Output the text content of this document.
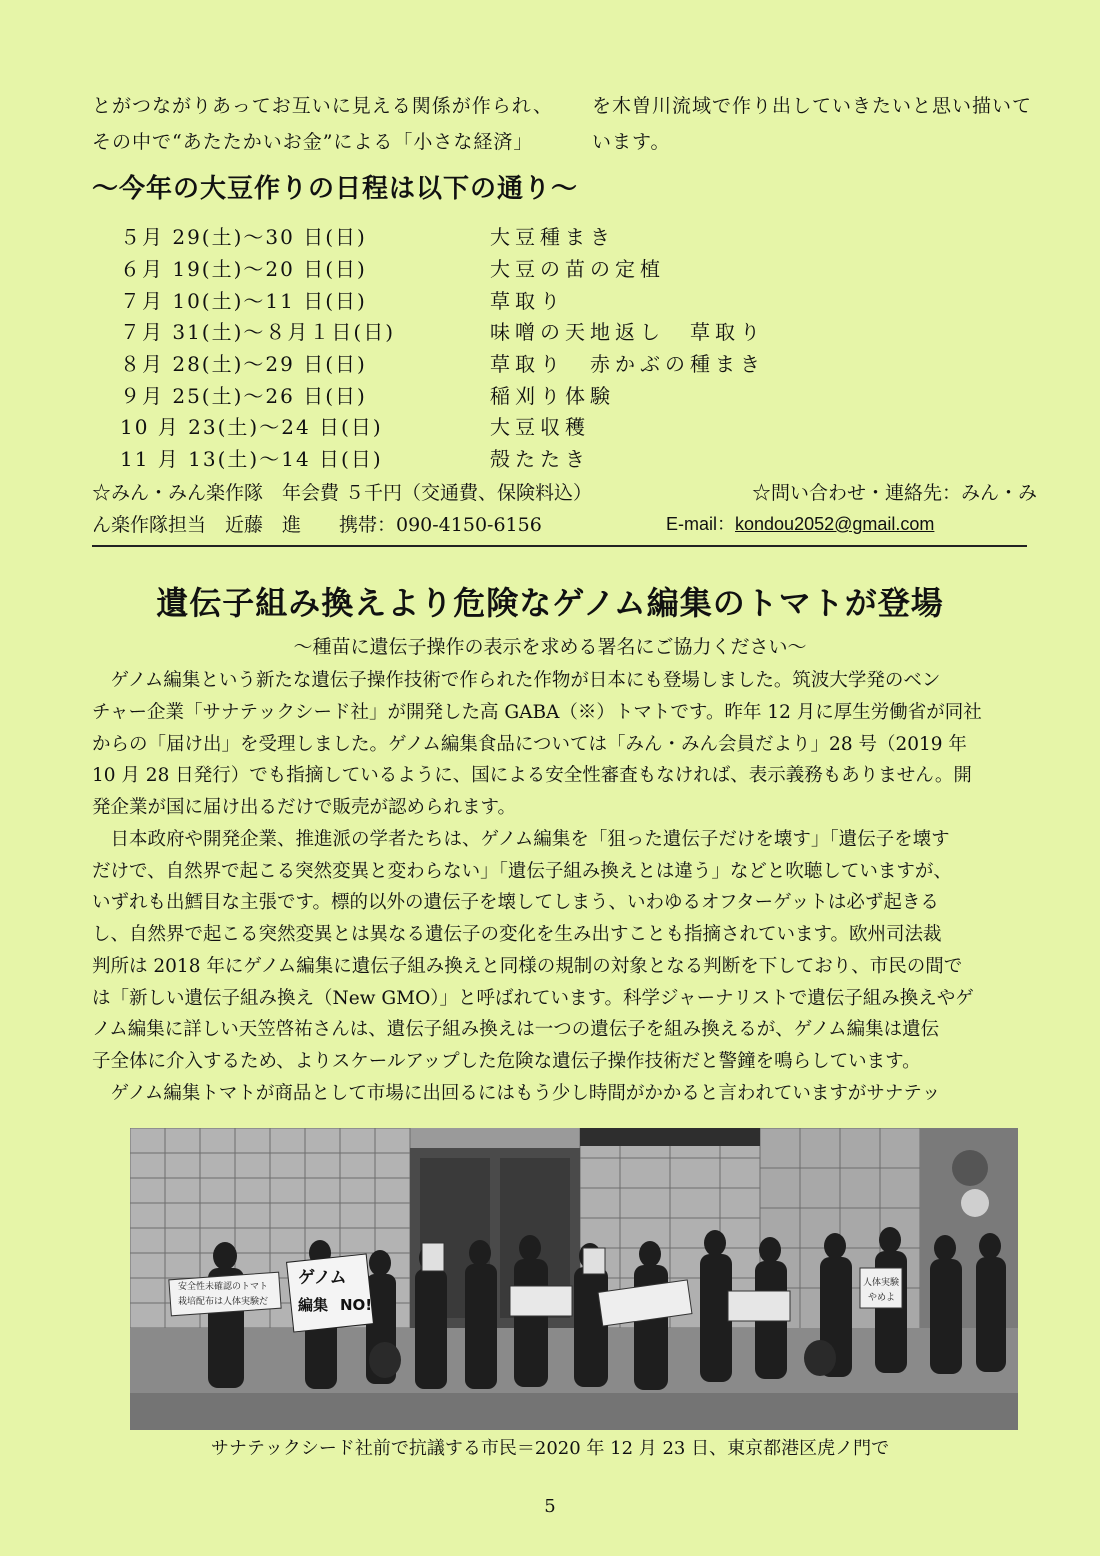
とがつながりあってお互いに見える関係が作られ、
その中で“あたたかいお金”による「小さな経済」
を木曽川流域で作り出していきたいと思い描いて
います。
～今年の大豆作りの日程は以下の通り～
５月 29(土)～30 日(日)	大豆種まき
６月 19(土)～20 日(日)	大豆の苗の定植
７月 10(土)～11 日(日)	草取り
７月 31(土)～８月１日(日)	味噌の天地返し　草取り
８月 28(土)～29 日(日)	草取り　赤かぶの種まき
９月 25(土)～26 日(日)	稲刈り体験
10 月 23(土)～24 日(日)	大豆収穫
11 月 13(土)～14 日(日)	殻たたき
☆みん・みん楽作隊　年会費 ５千円（交通費、保険料込）	☆問い合わせ・連絡先：みん・み
ん楽作隊担当　近藤　進　　携帯：090-4150-6156	E-mail：kondou2052@gmail.com
遺伝子組み換えより危険なゲノム編集のトマトが登場
～種苗に遺伝子操作の表示を求める署名にご協力ください～
　ゲノム編集という新たな遺伝子操作技術で作られた作物が日本にも登場しました。筑波大学発のベン
チャー企業「サナテックシード社」が開発した高 GABA（※）トマトです。昨年 12 月に厚生労働省が同社
からの「届け出」を受理しました。ゲノム編集食品については「みん・みん会員だより」28 号（2019 年
10 月 28 日発行）でも指摘しているように、国による安全性審査もなければ、表示義務もありません。開
発企業が国に届け出るだけで販売が認められます。
　日本政府や開発企業、推進派の学者たちは、ゲノム編集を「狙った遺伝子だけを壊す」「遺伝子を壊す
だけで、自然界で起こる突然変異と変わらない」「遺伝子組み換えとは違う」などと吹聴していますが、
いずれも出鱈目な主張です。標的以外の遺伝子を壊してしまう、いわゆるオフターゲットは必ず起きる
し、自然界で起こる突然変異とは異なる遺伝子の変化を生み出すことも指摘されています。欧州司法裁
判所は 2018 年にゲノム編集に遺伝子組み換えと同様の規制の対象となる判断を下しており、市民の間で
は「新しい遺伝子組み換え（New GMO）」と呼ばれています。科学ジャーナリストで遺伝子組み換えやゲ
ノム編集に詳しい天笠啓祐さんは、遺伝子組み換えは一つの遺伝子を組み換えるが、ゲノム編集は遺伝
子全体に介入するため、よりスケールアップした危険な遺伝子操作技術だと警鐘を鳴らしています。
　ゲノム編集トマトが商品として市場に出回るにはもう少し時間がかかると言われていますがサナテッ
安全性未確認のトマト
栽培配布は人体実験だ
ゲノム
編集 NO!
人体実験
やめよ
サナテックシード社前で抗議する市民＝2020 年 12 月 23 日、東京都港区虎ノ門で
5
